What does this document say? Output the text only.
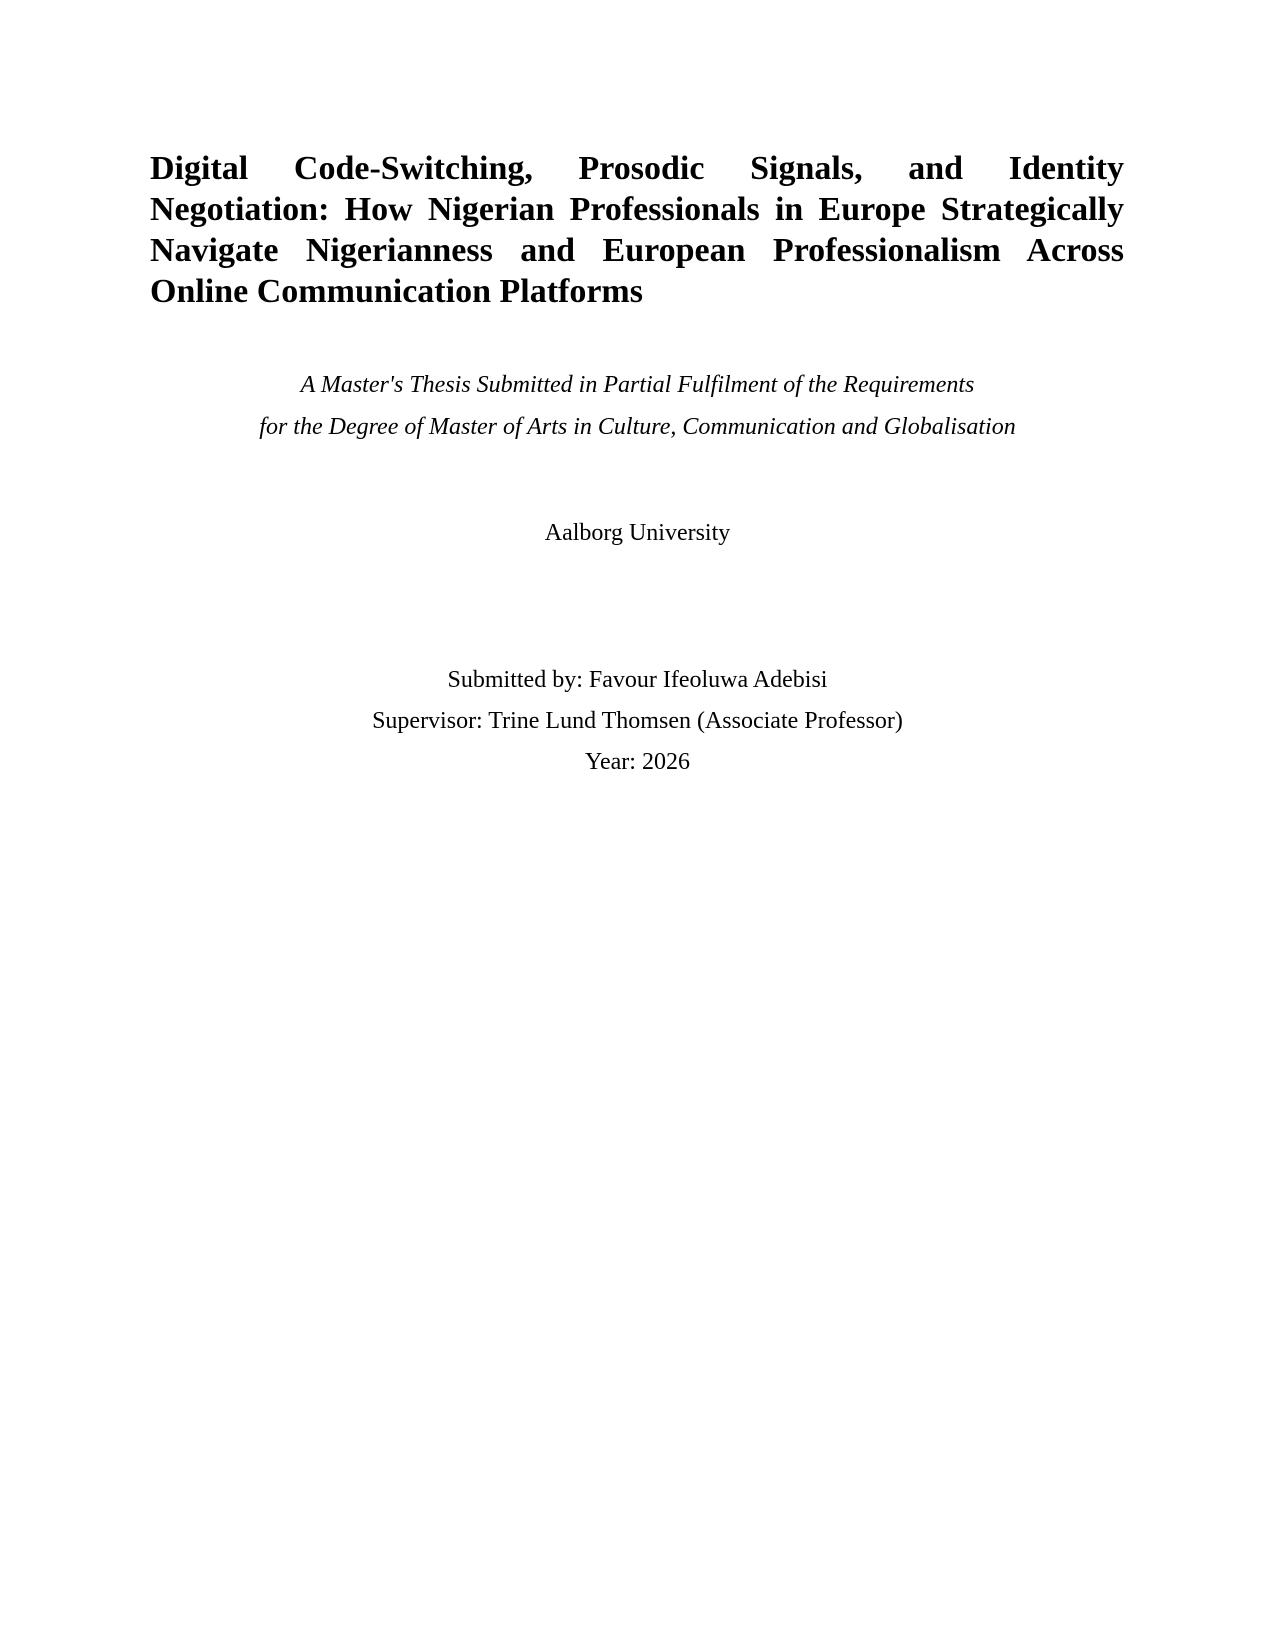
Digital Code-Switching, Prosodic Signals, and Identity Negotiation: How Nigerian Professionals in Europe Strategically Navigate Nigerianness and European Professionalism Across Online Communication Platforms
A Master's Thesis Submitted in Partial Fulfilment of the Requirements
for the Degree of Master of Arts in Culture, Communication and Globalisation
Aalborg University
Submitted by: Favour Ifeoluwa Adebisi
Supervisor: Trine Lund Thomsen (Associate Professor)
Year: 2026
